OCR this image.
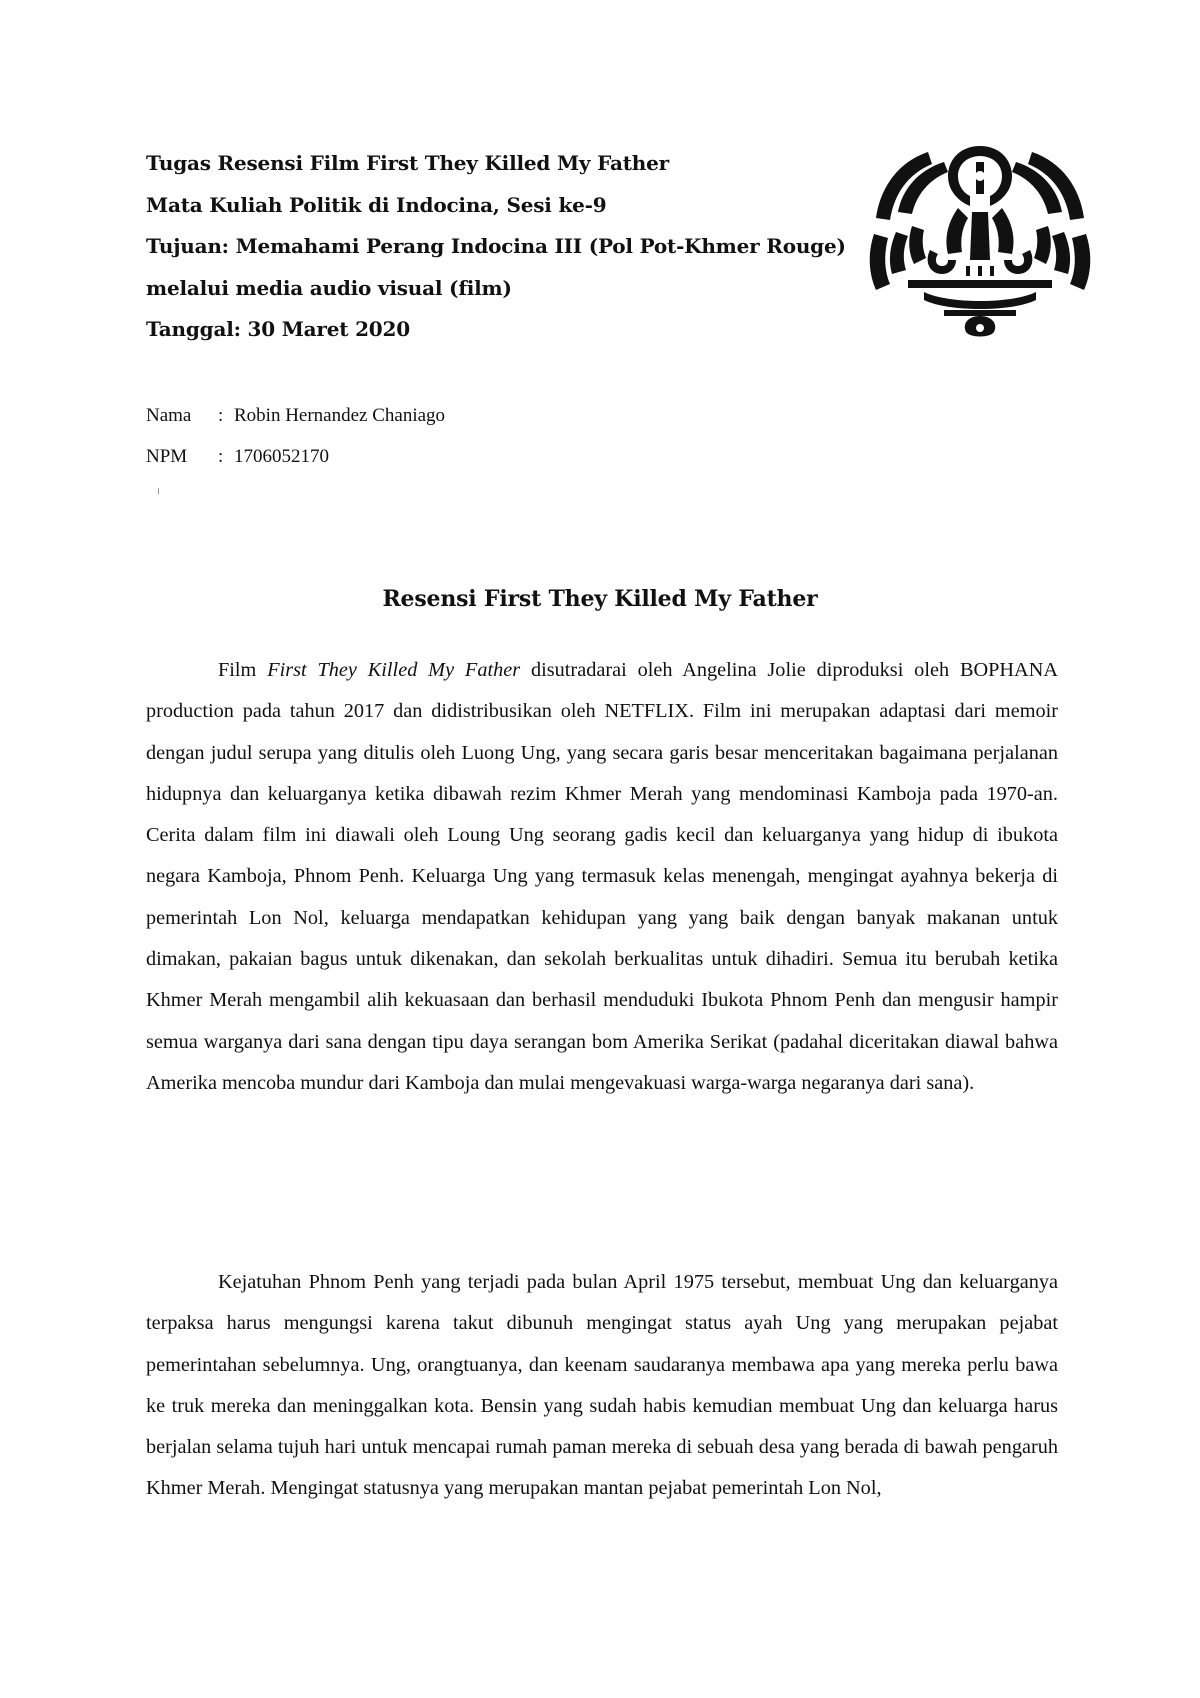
Tugas Resensi Film First They Killed My Father
Mata Kuliah Politik di Indocina, Sesi ke-9
Tujuan: Memahami Perang Indocina III (Pol Pot-Khmer Rouge)
melalui media audio visual (film)
Tanggal: 30 Maret 2020
Nama	: Robin Hernandez Chaniago
NPM	: 1706052170
Resensi First They Killed My Father

Film First They Killed My Father disutradarai oleh Angelina Jolie diproduksi oleh BOPHANA production pada tahun 2017 dan didistribusikan oleh NETFLIX. Film ini merupakan adaptasi dari memoir dengan judul serupa yang ditulis oleh Luong Ung, yang secara garis besar menceritakan bagaimana perjalanan hidupnya dan keluarganya ketika dibawah rezim Khmer Merah yang mendominasi Kamboja pada 1970-an. Cerita dalam film ini diawali oleh Loung Ung seorang gadis kecil dan keluarganya yang hidup di ibukota negara Kamboja, Phnom Penh. Keluarga Ung yang termasuk kelas menengah, mengingat ayahnya bekerja di pemerintah Lon Nol, keluarga mendapatkan kehidupan yang yang baik dengan banyak makanan untuk dimakan, pakaian bagus untuk dikenakan, dan sekolah berkualitas untuk dihadiri. Semua itu berubah ketika Khmer Merah mengambil alih kekuasaan dan berhasil menduduki Ibukota Phnom Penh dan mengusir hampir semua warganya dari sana dengan tipu daya serangan bom Amerika Serikat (padahal diceritakan diawal bahwa Amerika mencoba mundur dari Kamboja dan mulai mengevakuasi warga-warga negaranya dari sana).

Kejatuhan Phnom Penh yang terjadi pada bulan April 1975 tersebut, membuat Ung dan keluarganya terpaksa harus mengungsi karena takut dibunuh mengingat status ayah Ung yang merupakan pejabat pemerintahan sebelumnya. Ung, orangtuanya, dan keenam saudaranya membawa apa yang mereka perlu bawa ke truk mereka dan meninggalkan kota. Bensin yang sudah habis kemudian membuat Ung dan keluarga harus berjalan selama tujuh hari untuk mencapai rumah paman mereka di sebuah desa yang berada di bawah pengaruh Khmer Merah. Mengingat statusnya yang merupakan mantan pejabat pemerintah Lon Nol,
